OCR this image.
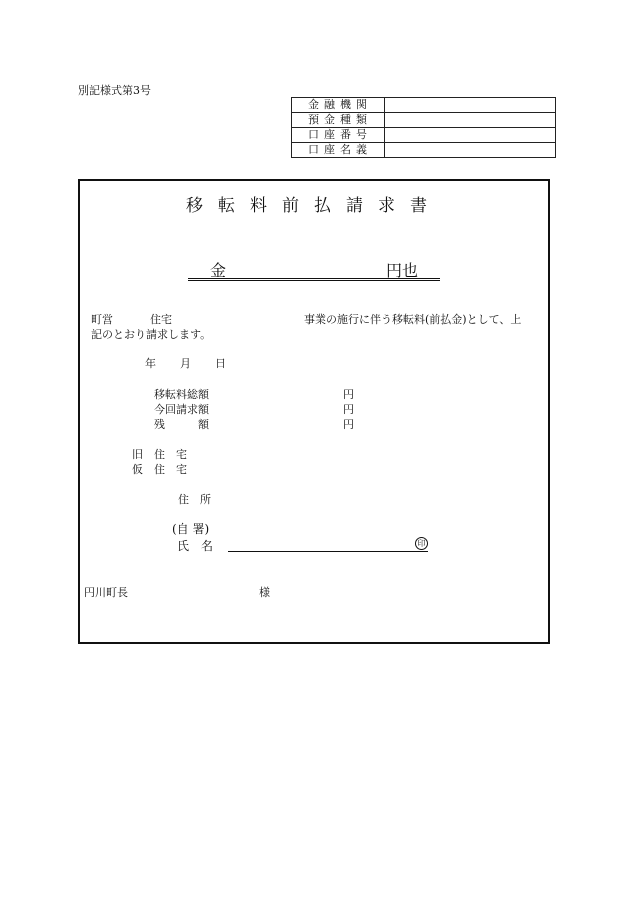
別記様式第3号
金融機関	
預金種類	
口座番号	
口座名義	
移転料前払請求書
金	円也
町営	住宅	事業の施行に伴う移転料(前払金)として、上
記のとおり請求します。
年 月 日
移転料総額	円
今回請求額	円
残　　　額	円
旧　住　宅
仮　住　宅
住　所
(自 署)
氏　名	印
円川町長	様
